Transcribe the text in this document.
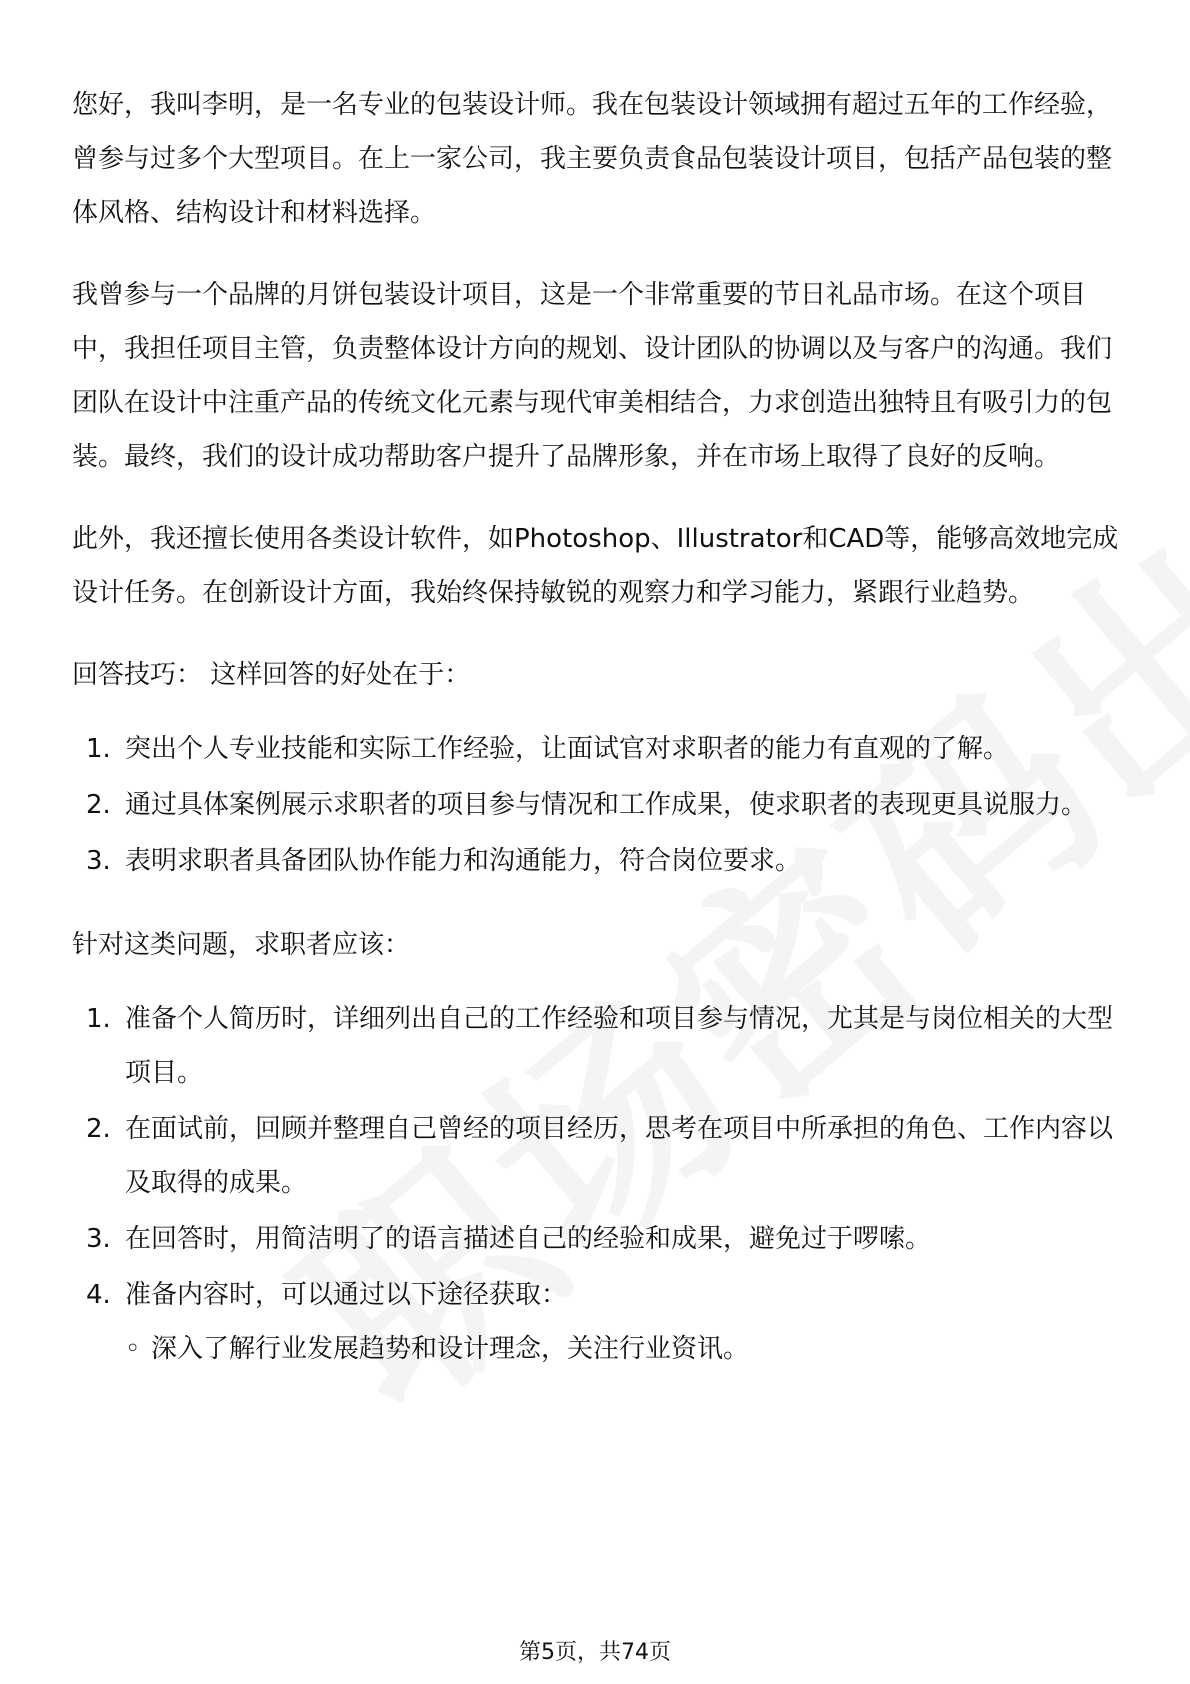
您好，我叫李明，是一名专业的包装设计师。我在包装设计领域拥有超过五年的工作经验，曾参与过多个大型项目。在上一家公司，我主要负责食品包装设计项目，包括产品包装的整体风格、结构设计和材料选择。

我曾参与一个品牌的月饼包装设计项目，这是一个非常重要的节日礼品市场。在这个项目中，我担任项目主管，负责整体设计方向的规划、设计团队的协调以及与客户的沟通。我们团队在设计中注重产品的传统文化元素与现代审美相结合，力求创造出独特且有吸引力的包装。最终，我们的设计成功帮助客户提升了品牌形象，并在市场上取得了良好的反响。

此外，我还擅长使用各类设计软件，如Photoshop、Illustrator和CAD等，能够高效地完成设计任务。在创新设计方面，我始终保持敏锐的观察力和学习能力，紧跟行业趋势。

回答技巧： 这样回答的好处在于：

1. 突出个人专业技能和实际工作经验，让面试官对求职者的能力有直观的了解。
2. 通过具体案例展示求职者的项目参与情况和工作成果，使求职者的表现更具说服力。
3. 表明求职者具备团队协作能力和沟通能力，符合岗位要求。

针对这类问题，求职者应该：

1. 准备个人简历时，详细列出自己的工作经验和项目参与情况，尤其是与岗位相关的大型项目。
2. 在面试前，回顾并整理自己曾经的项目经历，思考在项目中所承担的角色、工作内容以及取得的成果。
3. 在回答时，用简洁明了的语言描述自己的经验和成果，避免过于啰嗦。
4. 准备内容时，可以通过以下途径获取：
◦ 深入了解行业发展趋势和设计理念，关注行业资讯。
第5页，共74页
